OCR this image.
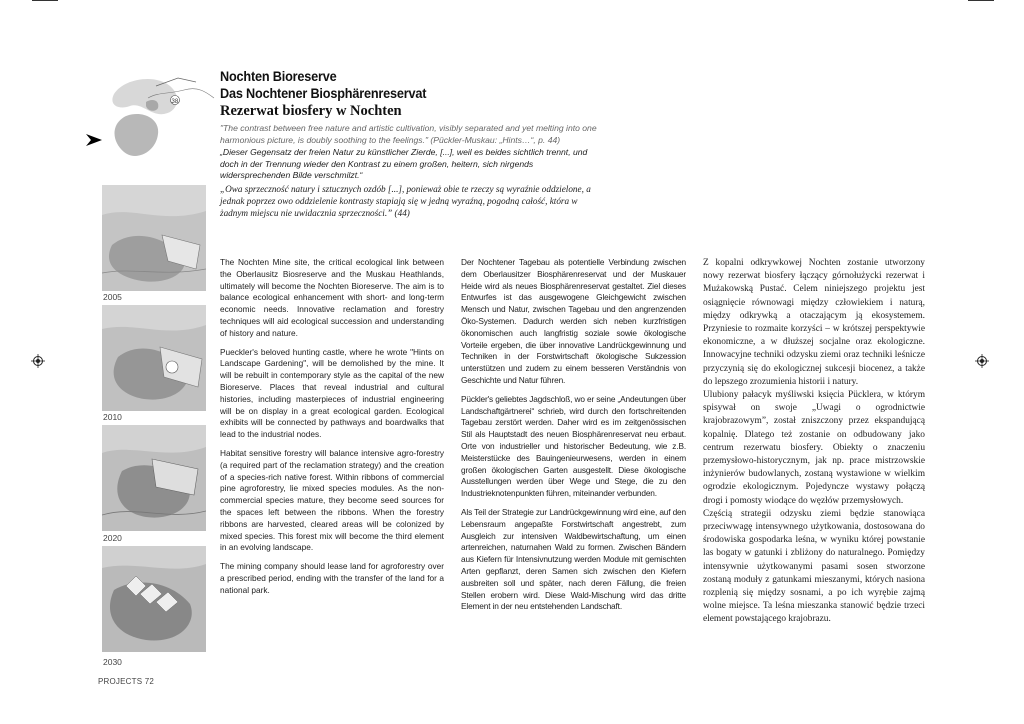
38
Nochten Bioreserve
Das Nochtener Biosphärenreservat
Rezerwat biosfery w Nochten

"The contrast between free nature and artistic cultivation, visibly separated and yet melting into one harmonious picture, is doubly soothing to the feelings." (Pückler-Muskau: „Hints…“, p. 44)

„Dieser Gegensatz der freien Natur zu künstlicher Zierde, [...], weil es beides sichtlich trennt, und doch in der Trennung wieder den Kontrast zu einem großen, heitern, sich nirgends widersprechenden Bilde verschmilzt.“

„Owa sprzeczność natury i sztucznych ozdób [...], ponieważ obie te rzeczy są wyraźnie oddzielone, a jednak poprzez owo oddzielenie kontrasty stapiają się w jedną wyraźną, pogodną całość, która w żadnym miejscu nie uwidacznia sprzeczności.” (44)

2005
2010
2020
2030
PROJECTS 72

The Nochten Mine site, the critical ecological link between the Oberlausitz Biosreserve and the Muskau Heathlands, ultimately will become the Nochten Bioreserve. The aim is to balance ecological enhancement with short- and long-term economic needs. Innovative reclamation and forestry techniques will aid ecological succession and understanding of history and nature.

Pueckler's beloved hunting castle, where he wrote "Hints on Landscape Gardening", will be demolished by the mine. It will be rebuilt in contemporary style as the capital of the new Bioreserve. Places that reveal industrial and cultural histories, including masterpieces of industrial engineering will be on display in a great ecological garden. Ecological exhibits will be connected by pathways and boardwalks that lead to the industrial nodes.

Habitat sensitive forestry will balance intensive agro-forestry (a required part of the reclamation strategy) and the creation of a species-rich native forest. Within ribbons of commercial pine agroforestry, lie mixed species modules. As the non-commercial species mature, they become seed sources for the spaces left between the ribbons. When the forestry ribbons are harvested, cleared areas will be colonized by mixed species. This forest mix will become the third element in an evolving landscape.

The mining company should lease land for agroforestry over a prescribed period, ending with the transfer of the land for a national park.

Der Nochtener Tagebau als potentielle Verbindung zwischen dem Oberlausitzer Biosphärenreservat und der Muskauer Heide wird als neues Biosphärenreservat gestaltet. Ziel dieses Entwurfes ist das ausgewogene Gleichgewicht zwischen Mensch und Natur, zwischen Tagebau und den angrenzenden Öko-Systemen. Dadurch werden sich neben kurzfristigen ökonomischen auch langfristig soziale sowie ökologische Vorteile ergeben, die über innovative Landrückgewinnung und Techniken in der Forstwirtschaft ökologische Sukzession unterstützen und zudem zu einem besseren Verständnis von Geschichte und Natur führen.

Pückler's geliebtes Jagdschloß, wo er seine „Andeutungen über Landschaftgärtnerei“ schrieb, wird durch den fortschreitenden Tagebau zerstört werden. Daher wird es im zeitgenössischen Stil als Hauptstadt des neuen Biosphärenreservat neu erbaut. Orte von industrieller und historischer Bedeutung, wie z.B. Meisterstücke des Bauingenieurwesens, werden in einem großen ökologischen Garten ausgestellt. Diese ökologische Ausstellungen werden über Wege und Stege, die zu den Industrieknotenpunkten führen, miteinander verbunden.

Als Teil der Strategie zur Landrückgewinnung wird eine, auf den Lebensraum angepaßte Forstwirtschaft angestrebt, zum Ausgleich zur intensiven Waldbewirtschaftung, um einen artenreichen, naturnahen Wald zu formen. Zwischen Bändern aus Kiefern für Intensivnutzung werden Module mit gemischten Arten gepflanzt, deren Samen sich zwischen den Kiefern ausbreiten soll und später, nach deren Fällung, die freien Stellen erobern wird. Diese Wald-Mischung wird das dritte Element in der neu entstehenden Landschaft.

Z kopalni odkrywkowej Nochten zostanie utworzony nowy rezerwat biosfery łączący górnołużycki rezerwat i Mużakowską Pustać. Celem niniejszego projektu jest osiągnięcie równowagi między człowiekiem i naturą, między odkrywką a otaczającym ją ekosystemem. Przyniesie to rozmaite korzyści – w krótszej perspektywie ekonomiczne, a w dłuższej socjalne oraz ekologiczne. Innowacyjne techniki odzysku ziemi oraz techniki leśnicze przyczynią się do ekologicznej sukcesji biocenez, a także do lepszego zrozumienia historii i natury.

Ulubiony pałacyk myśliwski księcia Pücklera, w którym spisywał on swoje „Uwagi o ogrodnictwie krajobrazowym”, został zniszczony przez ekspandującą kopalnię. Dlatego też zostanie on odbudowany jako centrum rezerwatu biosfery. Obiekty o znaczeniu przemysłowo-historycznym, jak np. prace mistrzowskie inżynierów budowlanych, zostaną wystawione w wielkim ogrodzie ekologicznym. Pojedyncze wystawy połączą drogi i pomosty wiodące do węzłów przemysłowych.

Częścią strategii odzysku ziemi będzie stanowiąca przeciwwagę intensywnego użytkowania, dostosowana do środowiska gospodarka leśna, w wyniku której powstanie las bogaty w gatunki i zbliżony do naturalnego. Pomiędzy intensywnie użytkowanymi pasami sosen stworzone zostaną moduły z gatunkami mieszanymi, których nasiona rozplenią się między sosnami, a po ich wyrębie zajmą wolne miejsce. Ta leśna mieszanka stanowić będzie trzeci element powstającego krajobrazu.
